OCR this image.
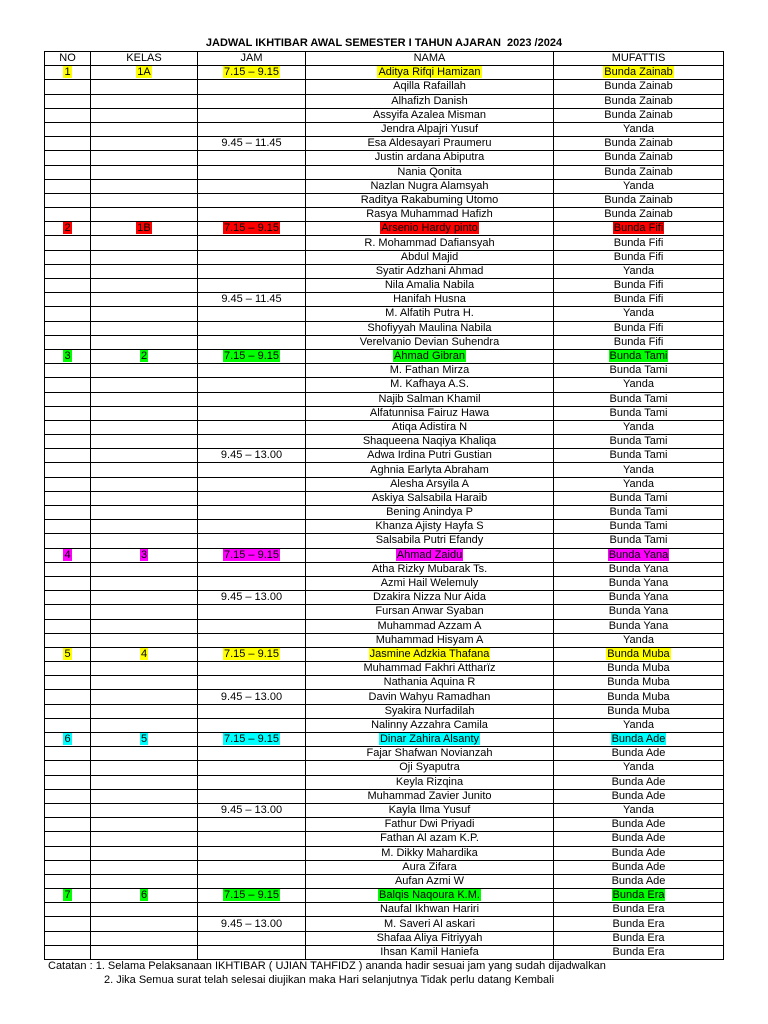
JADWAL IKHTIBAR AWAL SEMESTER I TAHUN AJARAN  2023 /2024
NO	KELAS	JAM	NAMA	MUFATTIS
1	1A	7.15 – 9.15	Aditya Rifqi Hamizan	Bunda Zainab
			Aqilla Rafaillah	Bunda Zainab
			Alhafizh Danish	Bunda Zainab
			Assyifa Azalea Misman	Bunda Zainab
			Jendra Alpajri Yusuf	Yanda
		9.45 – 11.45	Esa Aldesayari Praumeru	Bunda Zainab
			Justin ardana Abiputra	Bunda Zainab
			Nania Qonita	Bunda Zainab
			Nazlan Nugra Alamsyah	Yanda
			Raditya Rakabuming Utomo	Bunda Zainab
			Rasya Muhammad Hafizh	Bunda Zainab
2	1B	7.15 – 9.15	Arsenio Hardy pinto	Bunda Fifi
			R. Mohammad Dafiansyah	Bunda Fifi
			Abdul Majid	Bunda Fifi
			Syatir Adzhani Ahmad	Yanda
			Nila Amalia Nabila	Bunda Fifi
		9.45 – 11.45	Hanifah Husna	Bunda Fifi
			M. Alfatih Putra H.	Yanda
			Shofiyyah Maulina Nabila	Bunda Fifi
			Verelvanio Devian Suhendra	Bunda Fifi
3	2	7.15 – 9.15	Ahmad Gibran	Bunda Tami
			M. Fathan Mirza	Bunda Tami
			M. Kafhaya A.S.	Yanda
			Najib Salman Khamil	Bunda Tami
			Alfatunnisa Fairuz Hawa	Bunda Tami
			Atiqa Adistira N	Yanda
			Shaqueena Naqiya Khaliqa	Bunda Tami
		9.45 – 13.00	Adwa Irdina Putri Gustian	Bunda Tami
			Aghnia Earlyta Abraham	Yanda
			Alesha Arsyila A	Yanda
			Askiya Salsabila Haraib	Bunda Tami
			Bening Anindya P	Bunda Tami
			Khanza Ajisty Hayfa S	Bunda Tami
			Salsabila Putri Efandy	Bunda Tami
4	3	7.15 – 9.15	Ahmad Zaidu	Bunda Yana
			Atha Rizky Mubarak Ts.	Bunda Yana
			Azmi Hail Welemuly	Bunda Yana
		9.45 – 13.00	Dzakira Nizza Nur Aida	Bunda Yana
			Fursan Anwar Syaban	Bunda Yana
			Muhammad Azzam A	Bunda Yana
			Muhammad Hisyam A	Yanda
5	4	7.15 – 9.15	Jasmine Adzkia Thafana	Bunda Muba
			Muhammad Fakhri Attharïz	Bunda Muba
			Nathania Aquina R	Bunda Muba
		9.45 – 13.00	Davin Wahyu Ramadhan	Bunda Muba
			Syakira Nurfadilah	Bunda Muba
			Nalinny Azzahra Camila	Yanda
6	5	7.15 – 9.15	Dinar Zahira Alsanty	Bunda Ade
			Fajar Shafwan Novianzah	Bunda Ade
			Oji Syaputra	Yanda
			Keyla Rizqina	Bunda Ade
			Muhammad Zavier Junito	Bunda Ade
		9.45 – 13.00	Kayla Ilma Yusuf	Yanda
			Fathur Dwi Priyadi	Bunda Ade
			Fathan Al azam K.P.	Bunda Ade
			M. Dikky Mahardika	Bunda Ade
			Aura Zifara	Bunda Ade
			Aufan Azmi W	Bunda Ade
7	6	7.15 – 9.15	Balqis Naqoura K.M.	Bunda Era
			Naufal Ikhwan Hariri	Bunda Era
		9.45 – 13.00	M. Saveri Al askari	Bunda Era
			Shafaa Aliya Fitriyyah	Bunda Era
			Ihsan Kamil Haniefa	Bunda Era
Catatan : 1. Selama Pelaksanaan IKHTIBAR ( UJIAN TAHFIDZ ) ananda hadir sesuai jam yang sudah dijadwalkan
2. Jika Semua surat telah selesai diujikan maka Hari selanjutnya Tidak perlu datang Kembali
